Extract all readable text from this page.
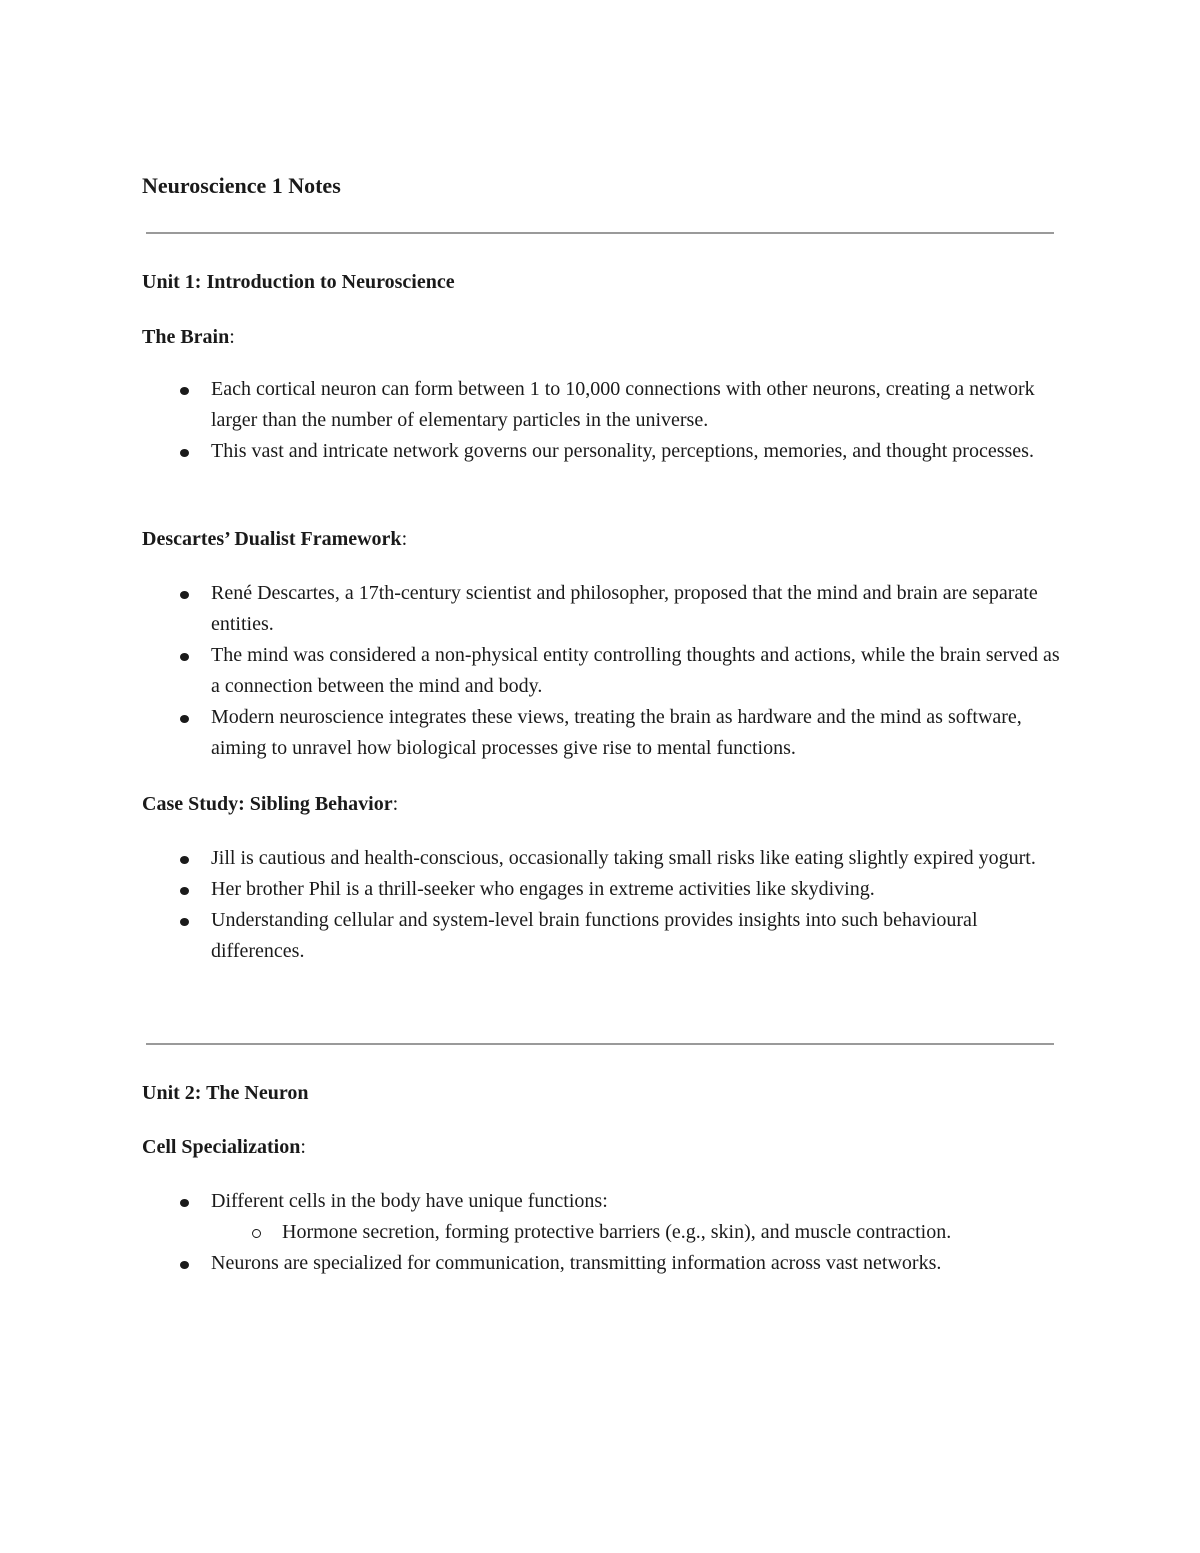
Neuroscience 1 Notes
Unit 1: Introduction to Neuroscience

The Brain:

Each cortical neuron can form between 1 to 10,000 connections with other neurons, creating a network larger than the number of elementary particles in the universe.
This vast and intricate network governs our personality, perceptions, memories, and thought processes.

Descartes’ Dualist Framework:

René Descartes, a 17th-century scientist and philosopher, proposed that the mind and brain are separate entities.
The mind was considered a non-physical entity controlling thoughts and actions, while the brain served as a connection between the mind and body.
Modern neuroscience integrates these views, treating the brain as hardware and the mind as software, aiming to unravel how biological processes give rise to mental functions.

Case Study: Sibling Behavior:

Jill is cautious and health-conscious, occasionally taking small risks like eating slightly expired yogurt.
Her brother Phil is a thrill-seeker who engages in extreme activities like skydiving.
Understanding cellular and system-level brain functions provides insights into such behavioural differences.
Unit 2: The Neuron

Cell Specialization:

Different cells in the body have unique functions:
Hormone secretion, forming protective barriers (e.g., skin), and muscle contraction.
Neurons are specialized for communication, transmitting information across vast networks.
